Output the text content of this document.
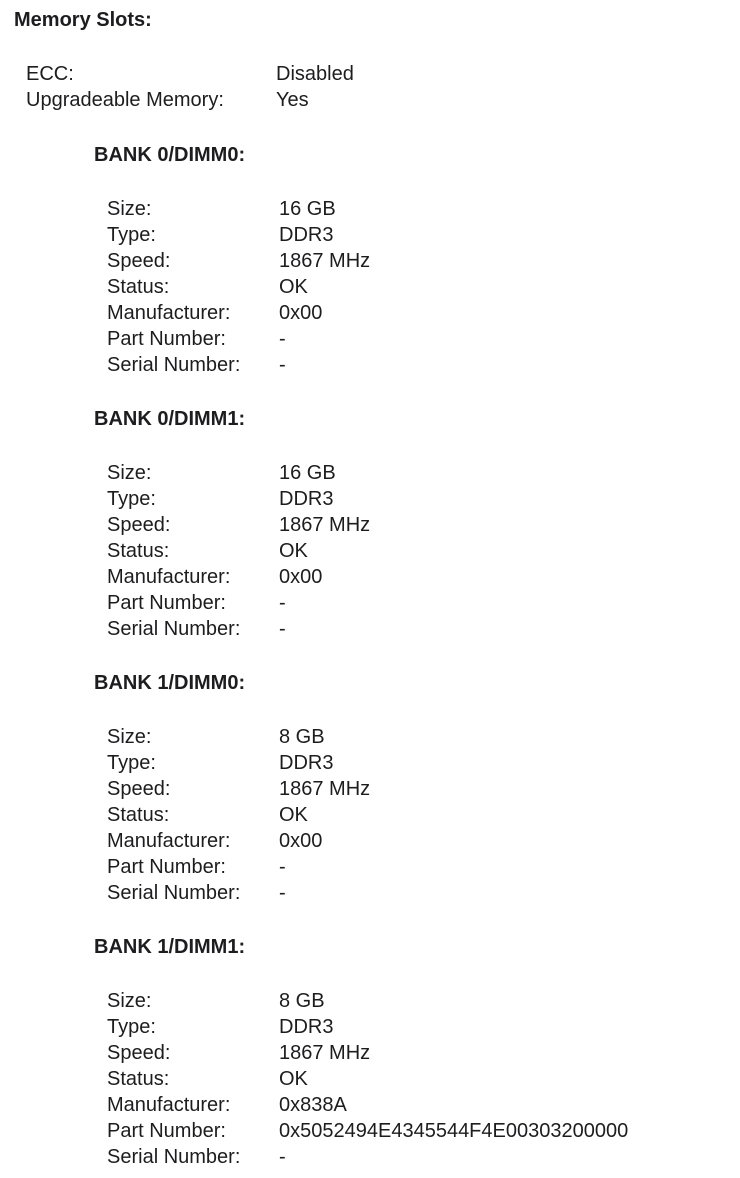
Memory Slots:
ECC:	Disabled
Upgradeable Memory:	Yes
BANK 0/DIMM0:
Size:	16 GB
Type:	DDR3
Speed:	1867 MHz
Status:	OK
Manufacturer:	0x00
Part Number:	-
Serial Number:	-
BANK 0/DIMM1:
Size:	16 GB
Type:	DDR3
Speed:	1867 MHz
Status:	OK
Manufacturer:	0x00
Part Number:	-
Serial Number:	-
BANK 1/DIMM0:
Size:	8 GB
Type:	DDR3
Speed:	1867 MHz
Status:	OK
Manufacturer:	0x00
Part Number:	-
Serial Number:	-
BANK 1/DIMM1:
Size:	8 GB
Type:	DDR3
Speed:	1867 MHz
Status:	OK
Manufacturer:	0x838A
Part Number:	0x5052494E4345544F4E00303200000
Serial Number:	-
